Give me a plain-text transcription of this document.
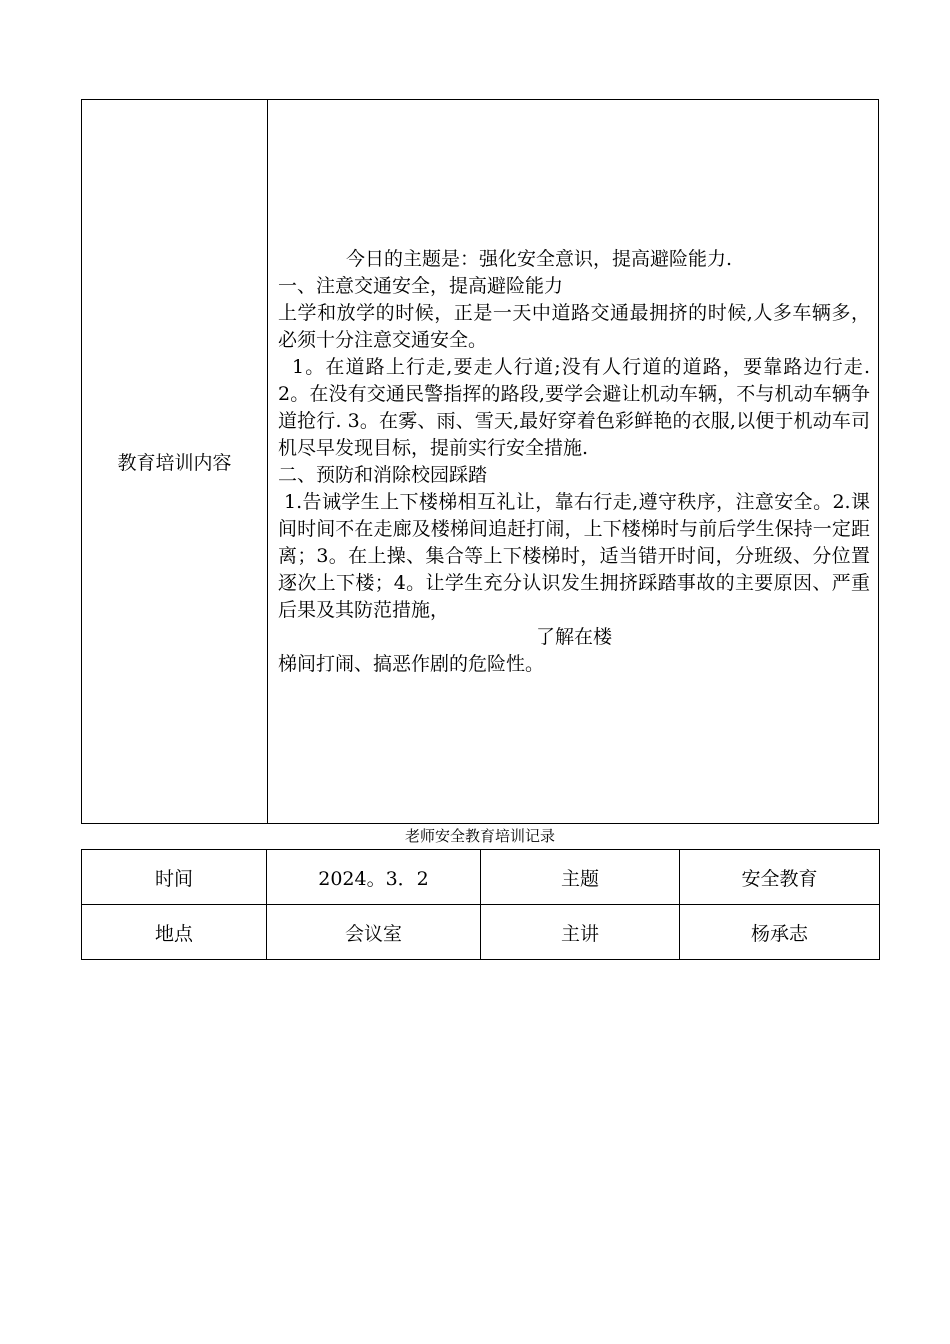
教育培训内容	
今日的主题是：强化安全意识，提高避险能力.
一、注意交通安全，提高避险能力
上学和放学的时候，正是一天中道路交通最拥挤的时候,人多车辆多，必须十分注意交通安全。
1。在道路上行走,要走人行道;没有人行道的道路，要靠路边行走. 2。在没有交通民警指挥的路段,要学会避让机动车辆，不与机动车辆争道抢行. 3。在雾、雨、雪天,最好穿着色彩鲜艳的衣服,以便于机动车司机尽早发现目标，提前实行安全措施.
二、预防和消除校园踩踏
1.告诫学生上下楼梯相互礼让，靠右行走,遵守秩序，注意安全。2.课间时间不在走廊及楼梯间追赶打闹，上下楼梯时与前后学生保持一定距离；3。在上操、集合等上下楼梯时，适当错开时间，分班级、分位置逐次上下楼；4。让学生充分认识发生拥挤踩踏事故的主要原因、严重后果及其防范措施，
了解在楼
梯间打闹、搞恶作剧的危险性。
老师安全教育培训记录
时间	2024。3．2	主题	安全教育
地点	会议室	主讲	杨承志
